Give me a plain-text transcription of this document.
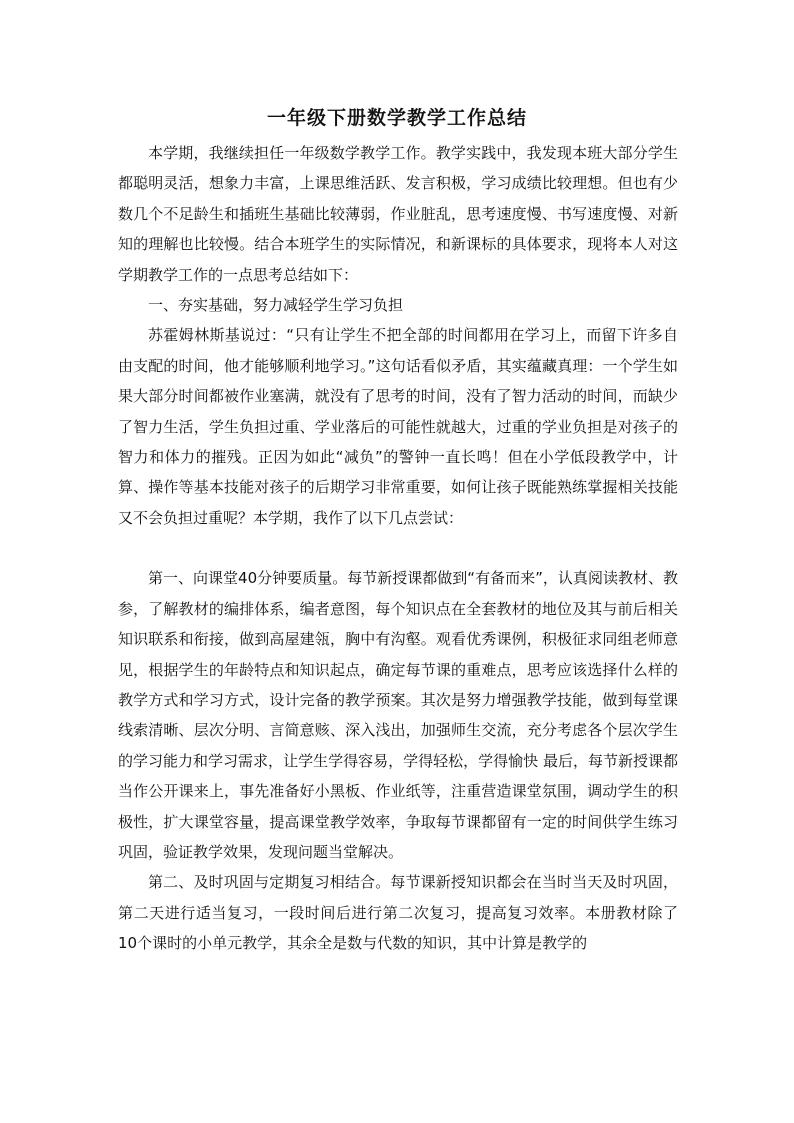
一年级下册数学教学工作总结

本学期，我继续担任一年级数学教学工作。教学实践中，我发现本班大部分学生都聪明灵活，想象力丰富，上课思维活跃、发言积极，学习成绩比较理想。但也有少数几个不足龄生和插班生基础比较薄弱，作业脏乱，思考速度慢、书写速度慢、对新知的理解也比较慢。结合本班学生的实际情况，和新课标的具体要求，现将本人对这学期教学工作的一点思考总结如下：

一、夯实基础，努力减轻学生学习负担

苏霍姆林斯基说过：“只有让学生不把全部的时间都用在学习上，而留下许多自由支配的时间，他才能够顺利地学习。”这句话看似矛盾，其实蕴藏真理：一个学生如果大部分时间都被作业塞满，就没有了思考的时间，没有了智力活动的时间，而缺少了智力生活，学生负担过重、学业落后的可能性就越大，过重的学业负担是对孩子的智力和体力的摧残。正因为如此“减负”的警钟一直长鸣！但在小学低段教学中，计算、操作等基本技能对孩子的后期学习非常重要，如何让孩子既能熟练掌握相关技能又不会负担过重呢？本学期，我作了以下几点尝试：

第一、向课堂40分钟要质量。每节新授课都做到“有备而来”，认真阅读教材、教参，了解教材的编排体系，编者意图，每个知识点在全套教材的地位及其与前后相关知识联系和衔接，做到高屋建瓴，胸中有沟壑。观看优秀课例，积极征求同组老师意见，根据学生的年龄特点和知识起点，确定每节课的重难点，思考应该选择什么样的教学方式和学习方式，设计完备的教学预案。其次是努力增强教学技能，做到每堂课线索清晰、层次分明、言简意赅、深入浅出，加强师生交流，充分考虑各个层次学生的学习能力和学习需求，让学生学得容易，学得轻松，学得愉快 最后，每节新授课都当作公开课来上，事先准备好小黑板、作业纸等，注重营造课堂氛围，调动学生的积极性，扩大课堂容量，提高课堂教学效率，争取每节课都留有一定的时间供学生练习巩固，验证教学效果，发现问题当堂解决。

第二、及时巩固与定期复习相结合。每节课新授知识都会在当时当天及时巩固，第二天进行适当复习，一段时间后进行第二次复习，提高复习效率。本册教材除了 10个课时的小单元教学，其余全是数与代数的知识，其中计算是教学的
